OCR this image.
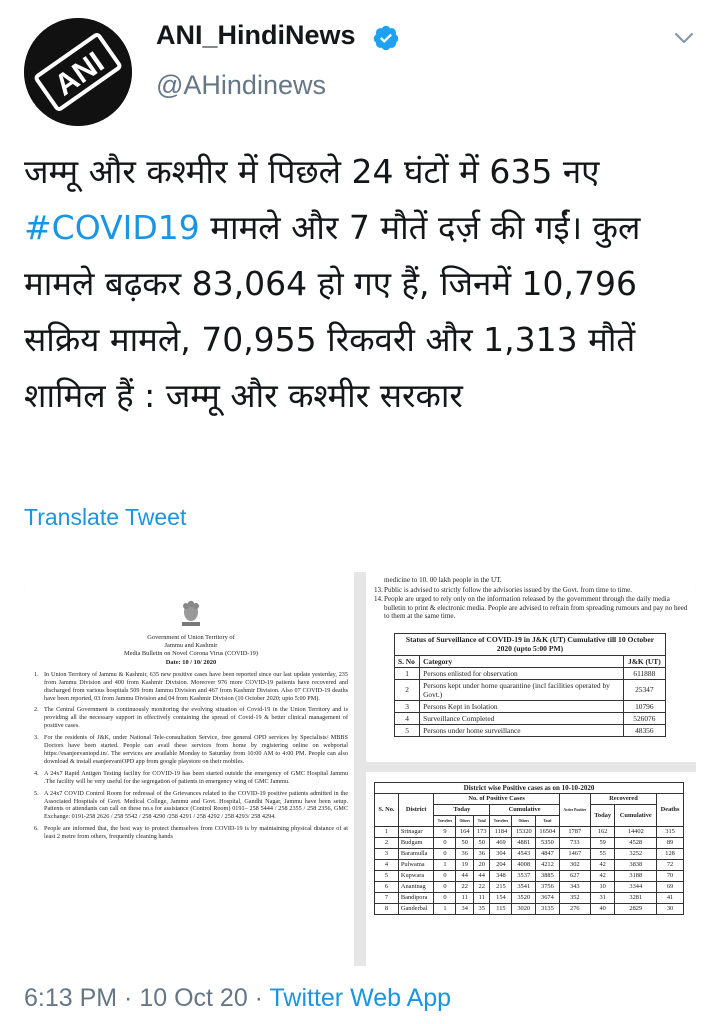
ANI
ANI_HindiNews
@AHindinews
जम्मू और कश्मीर में पिछले 24 घंटों में 635 नए #COVID19 मामले और 7 मौतें दर्ज़ की गईं। कुल मामले बढ़कर 83,064 हो गए हैं, जिनमें 10,796 सक्रिय मामले, 70,955 रिकवरी और 1,313 मौतें शामिल हैं : जम्मू और कश्मीर सरकार
Translate Tweet
Government of Union Territory of
Jammu and Kashmir
Media Bulletin on Novel Corona Virus (COVID-19)
Date: 10 / 10/ 2020
1. In Union Territory of Jammu & Kashmir, 635 new positive cases have been reported since our last update yesterday, 235 from Jammu Division and 400 from Kashmir Division. Moreover 976 more COVID-19 patients have recovered and discharged from various hospitals 509 from Jammu Division and 467 from Kashmir Division. Also 07 COVID-19 deaths have been reported, 03 from Jammu Division and 04 from Kashmir Division (10 October 2020; upto 5:00 PM).
2. The Central Government is continuously monitoring the evolving situation of Covid-19 in the Union Territory and is providing all the necessary support in effectively containing the spread of Covid-19 & better clinical management of positive cases.
3. For the residents of J&K, under National Tele-consultation Service, free general OPD services by Specialists/ MBBS Doctors have been started. People can avail these services from home by registering online on webportal https://esanjeevaniopd.in/. The services are available Monday to Saturday from 10:00 AM to 4:00 PM. People can also download & install esanjeevaniOPD app from google playstore on their mobiles.
4. A 24x7 Rapid Antigen Testing facility for COVID-19 has been started outside the emergency of GMC Hospital Jammu .The facility will be very useful for the segregation of patients in emergency wing of GMC Jammu.
5. A 24x7 COVID Control Room for redressal of the Grievances related to the COVID-19 positive patients admitted in the Associated Hospitals of Govt. Medical College, Jammu and Govt. Hospital, Gandhi Nagar, Jammu have been setup. Patients or attendants can call on these no.s for assistance (Control Room) 0191– 258 5444 / 258 2355 / 258 2356, GMC Exchange: 0191-258 2626 / 258 5542 / 258 4290 /258 4291 / 258 4292 / 258 4293/ 258 4294.
6. People are informed that, the best way to protect themselves from COVID-19 is by maintaining physical distance of at least 2 metre from others, frequently cleaning hands
medicine to 10. 00 lakh people in the UT.
13. Public is advised to strictly follow the advisories issued by the Govt. from time to time.
14. People are urged to rely only on the information released by the government through the daily media bulletin to print & electronic media. People are advised to refrain from spreading rumours and pay no heed to them at the same time.
Status of Surveillance of COVID-19 in J&K (UT) Cumulative till 10 October 2020 (upto 5:00 PM)		
S. No	Category	J&K (UT)
1	Persons enlisted for observation	611888
2	Persons kept under home quarantine (incl facilities operated by Govt.)	25347
3	Persons Kept in Isolation	10796
4	Surveillance Completed	526076
5	Persons under home surveillance	48356
District wise Positive cases as on 10-10-2020											
S. No.	District	No. of Positive Cases						Active Positive	Recovered		Deaths
		Today			Cumulative				Today	Cumulative	
		Travelers	Others	Total	Travelers	Others	Total				
1	Srinagar	9	164	173	1184	15320	16504	1787	162	14402	315
2	Budgam	0	50	50	469	4881	5350	733	59	4528	89
3	Baramulla	0	36	36	304	4543	4847	1467	55	3252	128
4	Pulwama	1	19	20	204	4008	4212	302	42	3838	72
5	Kupwara	0	44	44	348	3537	3885	627	42	3188	70
6	Anantnag	0	22	22	215	3541	3756	343	10	3344	69
7	Bandipora	0	11	11	154	3520	3674	352	31	3281	41
8	Ganderbal	1	34	35	115	3020	3135	276	40	2829	30
6:13 PM · 10 Oct 20 · Twitter Web App
